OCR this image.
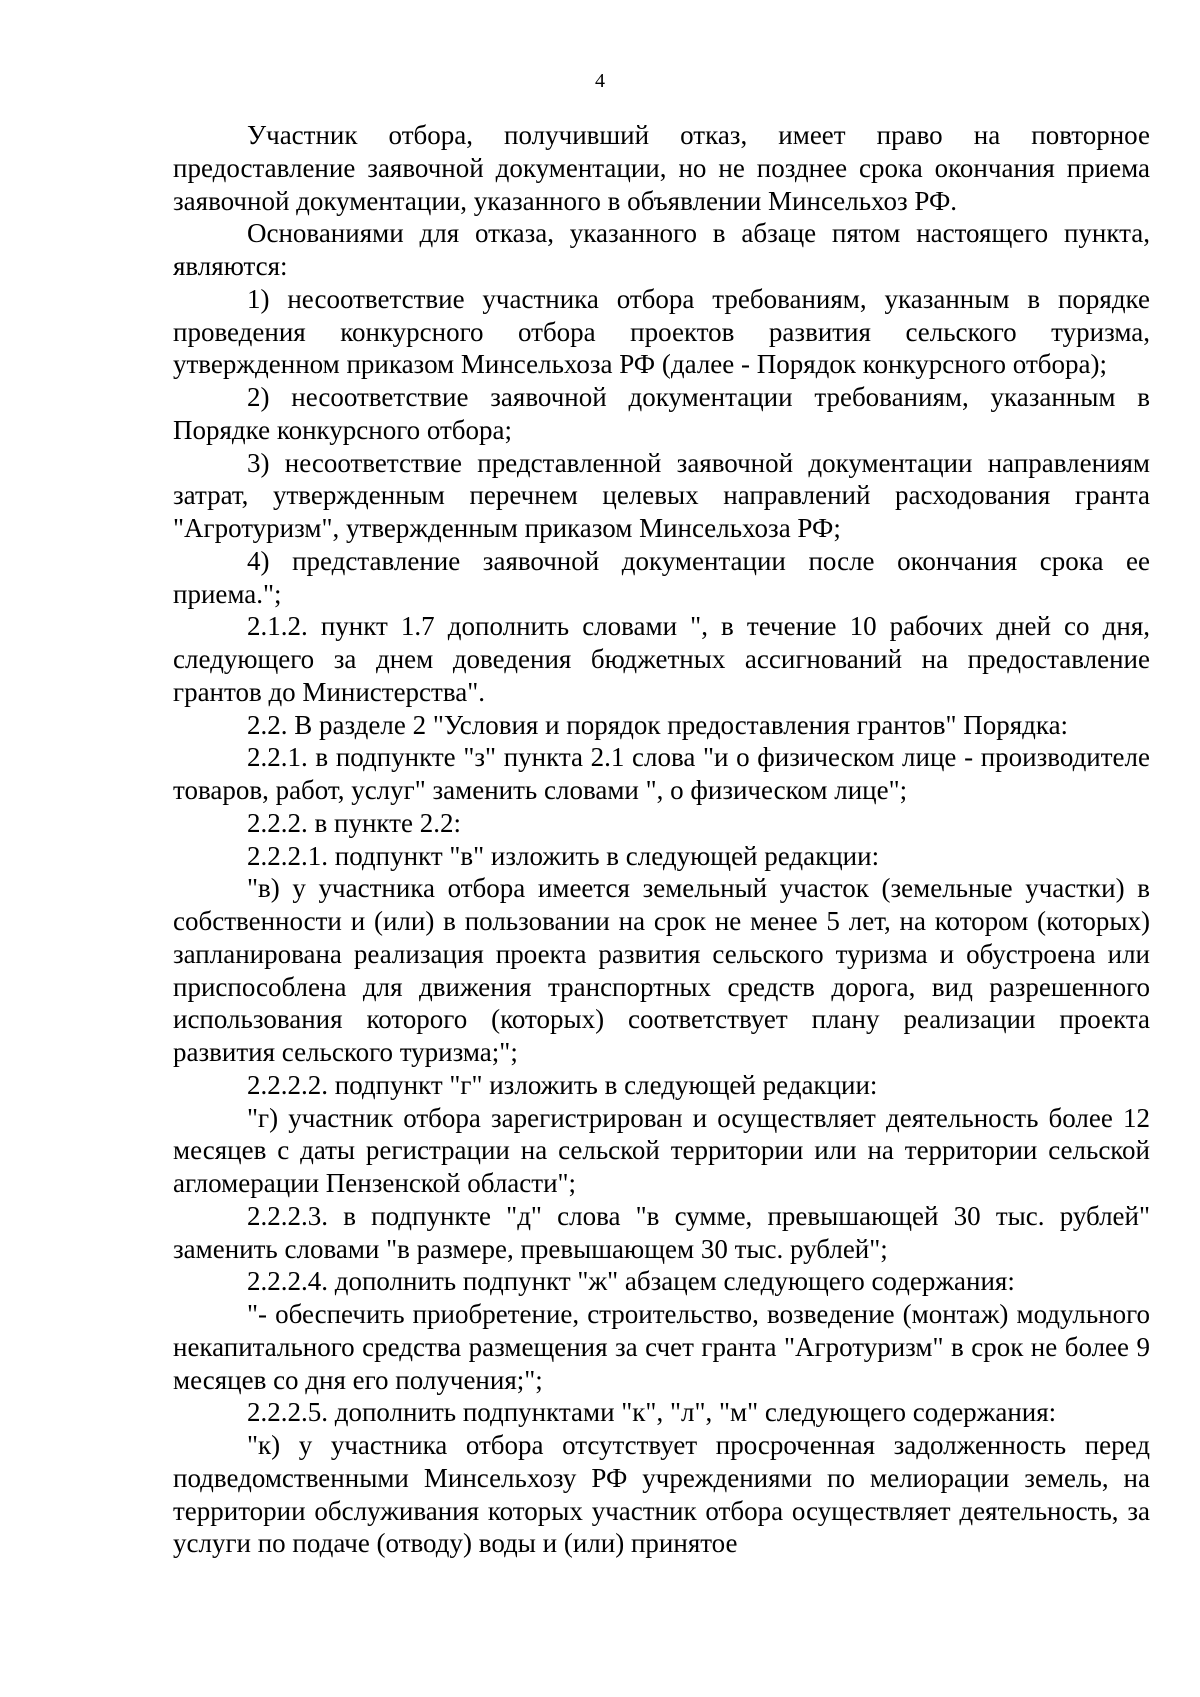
4

Участник отбора, получивший отказ, имеет право на повторное предоставление заявочной документации, но не позднее срока окончания приема заявочной документации, указанного в объявлении Минсельхоз РФ.

Основаниями для отказа, указанного в абзаце пятом настоящего пункта, являются:

1) несоответствие участника отбора требованиям, указанным в порядке проведения конкурсного отбора проектов развития сельского туризма, утвержденном приказом Минсельхоза РФ (далее - Порядок конкурсного отбора);

2) несоответствие заявочной документации требованиям, указанным в Порядке конкурсного отбора;

3) несоответствие представленной заявочной документации направлениям затрат, утвержденным перечнем целевых направлений расходования гранта "Агротуризм", утвержденным приказом Минсельхоза РФ;

4) представление заявочной документации после окончания срока ее приема.";

2.1.2. пункт 1.7 дополнить словами ", в течение 10 рабочих дней со дня, следующего за днем доведения бюджетных ассигнований на предоставление грантов до Министерства".

2.2. В разделе 2 "Условия и порядок предоставления грантов" Порядка:

2.2.1. в подпункте "з" пункта 2.1 слова "и о физическом лице - производителе товаров, работ, услуг" заменить словами ", о физическом лице";

2.2.2. в пункте 2.2:

2.2.2.1. подпункт "в" изложить в следующей редакции:

"в) у участника отбора имеется земельный участок (земельные участки) в собственности и (или) в пользовании на срок не менее 5 лет, на котором (которых) запланирована реализация проекта развития сельского туризма и обустроена или приспособлена для движения транспортных средств дорога, вид разрешенного использования которого (которых) соответствует плану реализации проекта развития сельского туризма;";

2.2.2.2. подпункт "г" изложить в следующей редакции:

"г) участник отбора зарегистрирован и осуществляет деятельность более 12 месяцев с даты регистрации на сельской территории или на территории сельской агломерации Пензенской области";

2.2.2.3. в подпункте "д" слова "в сумме, превышающей 30 тыс. рублей" заменить словами "в размере, превышающем 30 тыс. рублей";

2.2.2.4. дополнить подпункт "ж" абзацем следующего содержания:

"- обеспечить приобретение, строительство, возведение (монтаж) модульного некапитального средства размещения за счет гранта "Агротуризм" в срок не более 9 месяцев со дня его получения;";

2.2.2.5. дополнить подпунктами "к", "л", "м" следующего содержания:

"к) у участника отбора отсутствует просроченная задолженность перед подведомственными Минсельхозу РФ учреждениями по мелиорации земель, на территории обслуживания которых участник отбора осуществляет деятельность, за услуги по подаче (отводу) воды и (или) принятое
